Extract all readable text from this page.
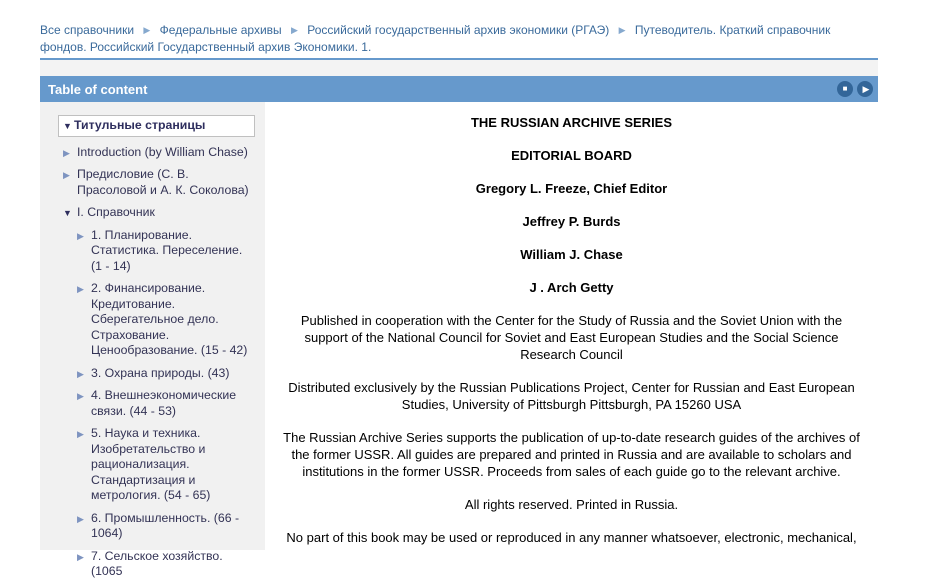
Все справочники ▶ Федеральные архивы ▶ Российский государственный архив экономики (РГАЭ) ▶ Путеводитель. Краткий справочник фондов. Российский Государственный архив Экономики. 1.
Table of content	■ ▶
▼ Титульные страницы
▶ Introduction (by William Chase)
▶ Предисловие (С. В. Прасоловой и А. К. Соколова)
▼ I. Справочник
▶ 1. Планирование. Статистика. Переселение. (1 - 14)
▶ 2. Финансирование. Кредитование. Сберегательное дело. Страхование. Ценообразование. (15 - 42)
▶ 3. Охрана природы. (43)
▶ 4. Внешнеэкономические связи. (44 - 53)
▶ 5. Наука и техника. Изобретательство и рационализация. Стандартизация и метрология. (54 - 65)
▶ 6. Промышленность. (66 - 1064)
▶ 7. Сельское хозяйство. (1065

THE RUSSIAN ARCHIVE SERIES

EDITORIAL BOARD

Gregory L. Freeze, Chief Editor

Jeffrey P. Burds

William J. Chase

J . Arch Getty

Published in cooperation with the Center for the Study of Russia and the Soviet Union with the support of the National Council for Soviet and East European Studies and the Social Science Research Council

Distributed exclusively by the Russian Publications Project, Center for Russian and East European Studies, University of Pittsburgh Pittsburgh, PA 15260 USA

The Russian Archive Series supports the publication of up-to-date research guides of the archives of the former USSR. All guides are prepared and printed in Russia and are available to scholars and institutions in the former USSR. Proceeds from sales of each guide go to the relevant archive.

All rights reserved. Printed in Russia.

No part of this book may be used or reproduced in any manner whatsoever, electronic, mechanical,
